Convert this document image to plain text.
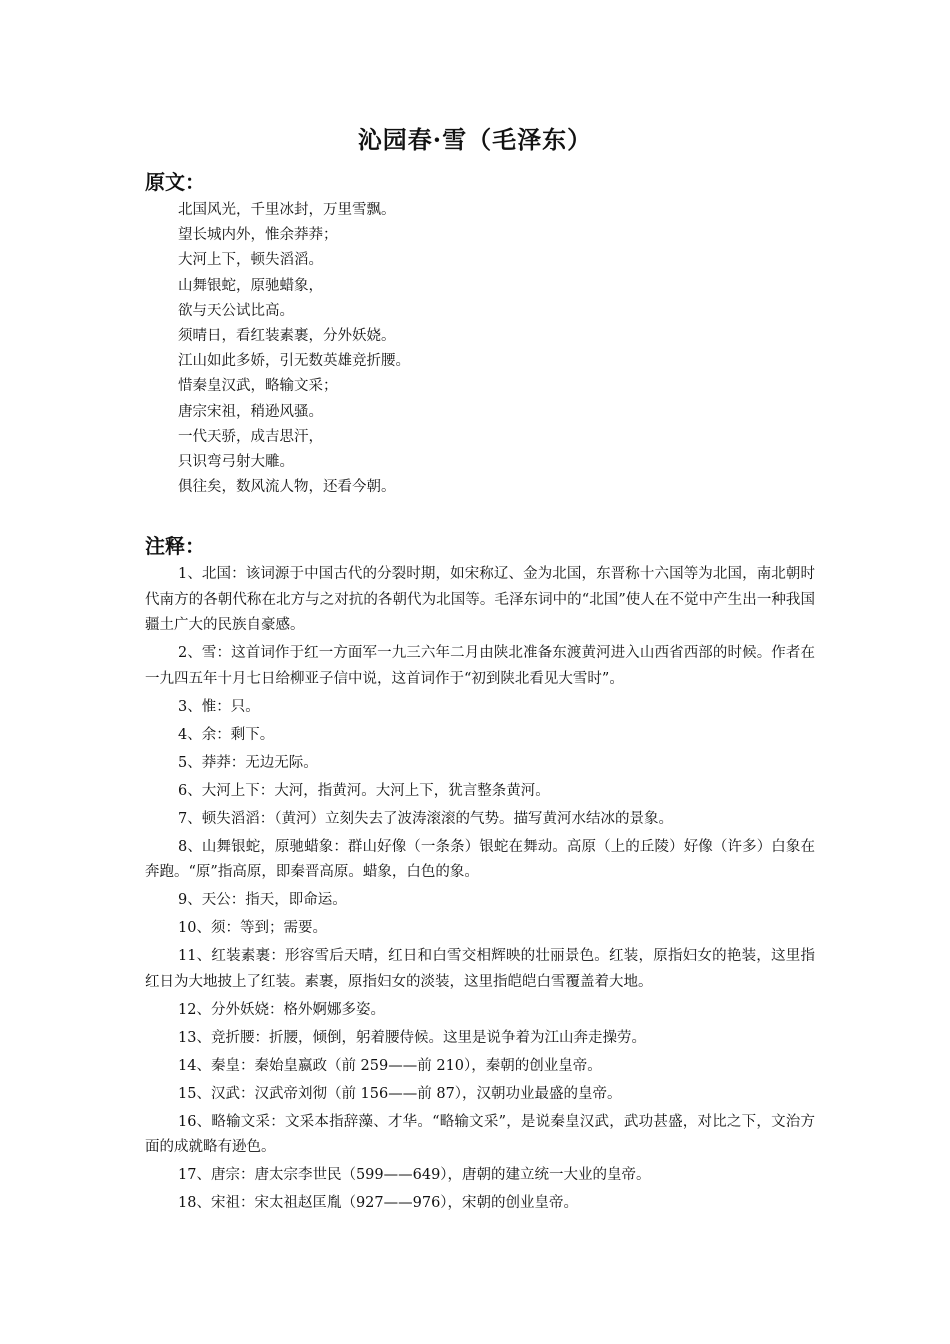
沁园春·雪（毛泽东）
原文：
北国风光，千里冰封，万里雪飘。
望长城内外，惟余莽莽；
大河上下，顿失滔滔。
山舞银蛇，原驰蜡象，
欲与天公试比高。
须晴日，看红装素裹，分外妖娆。
江山如此多娇，引无数英雄竞折腰。
惜秦皇汉武，略输文采；
唐宗宋祖，稍逊风骚。
一代天骄，成吉思汗，
只识弯弓射大雕。
俱往矣，数风流人物，还看今朝。
注释：

1、北国：该词源于中国古代的分裂时期，如宋称辽、金为北国，东晋称十六国等为北国，南北朝时代南方的各朝代称在北方与之对抗的各朝代为北国等。毛泽东词中的“北国”使人在不觉中产生出一种我国疆土广大的民族自豪感。

2、雪：这首词作于红一方面军一九三六年二月由陕北准备东渡黄河进入山西省西部的时候。作者在一九四五年十月七日给柳亚子信中说，这首词作于“初到陕北看见大雪时”。

3、惟：只。

4、余：剩下。

5、莽莽：无边无际。

6、大河上下：大河，指黄河。大河上下，犹言整条黄河。

7、顿失滔滔：（黄河）立刻失去了波涛滚滚的气势。描写黄河水结冰的景象。

8、山舞银蛇，原驰蜡象：群山好像（一条条）银蛇在舞动。高原（上的丘陵）好像（许多）白象在奔跑。“原”指高原，即秦晋高原。蜡象，白色的象。

9、天公：指天，即命运。

10、须：等到；需要。

11、红装素裹：形容雪后天晴，红日和白雪交相辉映的壮丽景色。红装，原指妇女的艳装，这里指红日为大地披上了红装。素裹，原指妇女的淡装，这里指皑皑白雪覆盖着大地。

12、分外妖娆：格外婀娜多姿。

13、竞折腰：折腰，倾倒，躬着腰侍候。这里是说争着为江山奔走操劳。

14、秦皇：秦始皇嬴政（前 259——前 210），秦朝的创业皇帝。

15、汉武：汉武帝刘彻（前 156——前 87），汉朝功业最盛的皇帝。

16、略输文采：文采本指辞藻、才华。“略输文采”，是说秦皇汉武，武功甚盛，对比之下，文治方面的成就略有逊色。

17、唐宗：唐太宗李世民（599——649），唐朝的建立统一大业的皇帝。

18、宋祖：宋太祖赵匡胤（927——976），宋朝的创业皇帝。
